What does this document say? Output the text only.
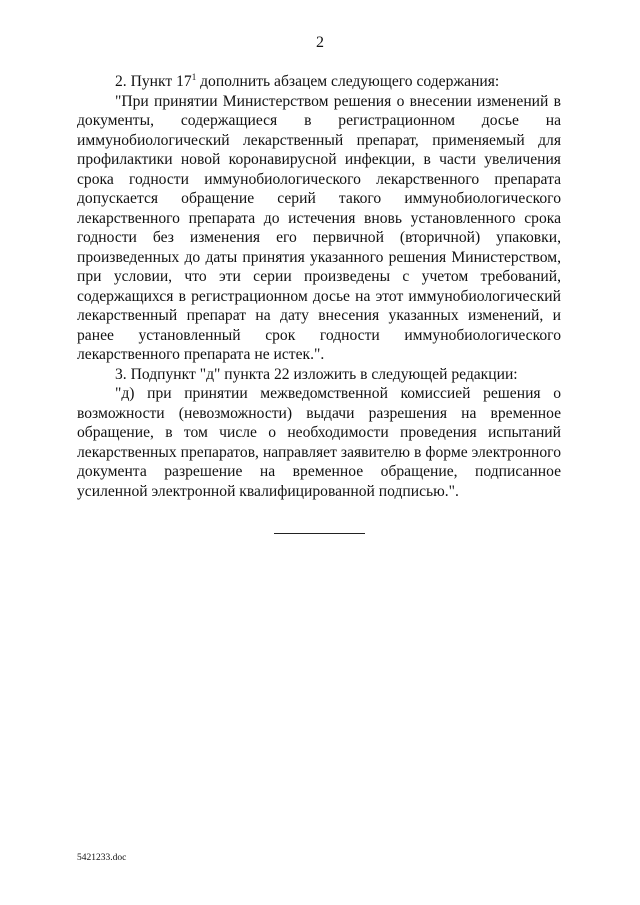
2

2. Пункт $17^1$ дополнить абзацем следующего содержания:

"При принятии Министерством решения о внесении изменений в документы, содержащиеся в регистрационном досье на иммунобиологический лекарственный препарат, применяемый для профилактики новой коронавирусной инфекции, в части увеличения срока годности иммунобиологического лекарственного препарата допускается обращение серий такого иммунобиологического лекарственного препарата до истечения вновь установленного срока годности без изменения его первичной (вторичной) упаковки, произведенных до даты принятия указанного решения Министерством, при условии, что эти серии произведены с учетом требований, содержащихся в регистрационном досье на этот иммунобиологический лекарственный препарат на дату внесения указанных изменений, и ранее установленный срок годности иммунобиологического лекарственного препарата не истек.".

3. Подпункт "д" пункта 22 изложить в следующей редакции:

"д) при принятии межведомственной комиссией решения о возможности (невозможности) выдачи разрешения на временное обращение, в том числе о необходимости проведения испытаний лекарственных препаратов, направляет заявителю в форме электронного документа разрешение на временное обращение, подписанное усиленной электронной квалифицированной подписью.".

5421233.doc
